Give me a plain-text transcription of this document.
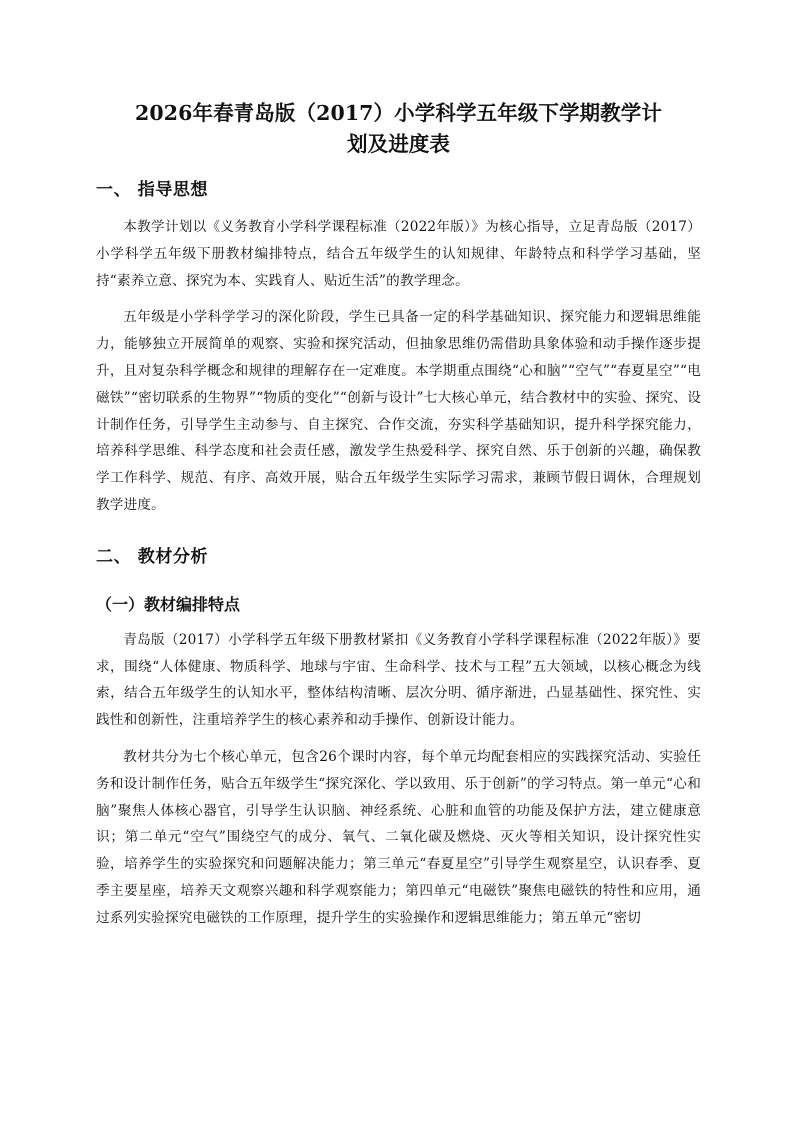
2026年春青岛版（2017）小学科学五年级下学期教学计
划及进度表
一、 指导思想

本教学计划以《义务教育小学科学课程标准（2022年版）》为核心指导，立足青岛版（2017）小学科学五年级下册教材编排特点，结合五年级学生的认知规律、年龄特点和科学学习基础，坚持“素养立意、探究为本、实践育人、贴近生活”的教学理念。

五年级是小学科学学习的深化阶段，学生已具备一定的科学基础知识、探究能力和逻辑思维能力，能够独立开展简单的观察、实验和探究活动，但抽象思维仍需借助具象体验和动手操作逐步提升，且对复杂科学概念和规律的理解存在一定难度。本学期重点围绕“心和脑”“空气”“春夏星空”“电磁铁”“密切联系的生物界”“物质的变化”“创新与设计”七大核心单元，结合教材中的实验、探究、设计制作任务，引导学生主动参与、自主探究、合作交流，夯实科学基础知识，提升科学探究能力，培养科学思维、科学态度和社会责任感，激发学生热爱科学、探究自然、乐于创新的兴趣，确保教学工作科学、规范、有序、高效开展，贴合五年级学生实际学习需求，兼顾节假日调休，合理规划教学进度。

二、 教材分析
（一）教材编排特点

青岛版（2017）小学科学五年级下册教材紧扣《义务教育小学科学课程标准（2022年版）》要求，围绕“人体健康、物质科学、地球与宇宙、生命科学、技术与工程”五大领域，以核心概念为线索，结合五年级学生的认知水平，整体结构清晰、层次分明、循序渐进，凸显基础性、探究性、实践性和创新性，注重培养学生的核心素养和动手操作、创新设计能力。

教材共分为七个核心单元，包含26个课时内容，每个单元均配套相应的实践探究活动、实验任务和设计制作任务，贴合五年级学生“探究深化、学以致用、乐于创新”的学习特点。第一单元“心和脑”聚焦人体核心器官，引导学生认识脑、神经系统、心脏和血管的功能及保护方法，建立健康意识；第二单元“空气”围绕空气的成分、氧气、二氧化碳及燃烧、灭火等相关知识，设计探究性实验，培养学生的实验探究和问题解决能力；第三单元“春夏星空”引导学生观察星空，认识春季、夏季主要星座，培养天文观察兴趣和科学观察能力；第四单元“电磁铁”聚焦电磁铁的特性和应用，通过系列实验探究电磁铁的工作原理，提升学生的实验操作和逻辑思维能力；第五单元“密切
